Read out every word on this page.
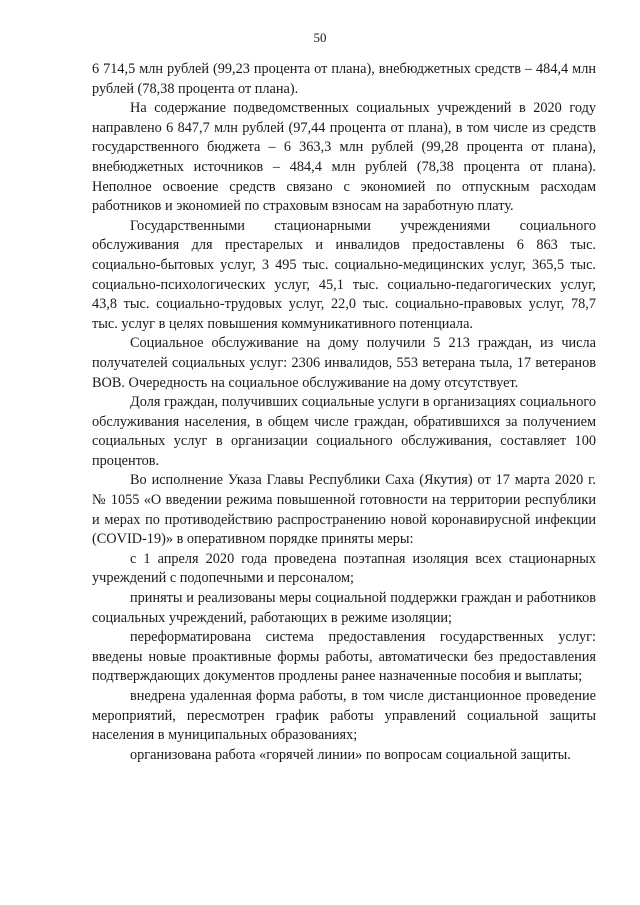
50

6 714,5 млн рублей (99,23 процента от плана), внебюджетных средств – 484,4 млн рублей (78,38 процента от плана).

На содержание подведомственных социальных учреждений в 2020 году направлено 6 847,7 млн рублей (97,44 процента от плана), в том числе из средств государственного бюджета – 6 363,3 млн рублей (99,28 процента от плана), внебюджетных источников – 484,4 млн рублей (78,38 процента от плана). Неполное освоение средств связано с экономией по отпускным расходам работников и экономией по страховым взносам на заработную плату.

Государственными стационарными учреждениями социального обслуживания для престарелых и инвалидов предоставлены 6 863 тыс. социально-бытовых услуг, 3 495 тыс. социально-медицинских услуг, 365,5 тыс. социально-психологических услуг, 45,1 тыс. социально-педагогических услуг, 43,8 тыс. социально-трудовых услуг, 22,0 тыс. социально-правовых услуг, 78,7 тыс. услуг в целях повышения коммуникативного потенциала.

Социальное обслуживание на дому получили 5 213 граждан, из числа получателей социальных услуг: 2306 инвалидов, 553 ветерана тыла, 17 ветеранов ВОВ. Очередность на социальное обслуживание на дому отсутствует.

Доля граждан, получивших социальные услуги в организациях социального обслуживания населения, в общем числе граждан, обратившихся за получением социальных услуг в организации социального обслуживания, составляет 100 процентов.

Во исполнение Указа Главы Республики Саха (Якутия) от 17 марта 2020 г. № 1055 «О введении режима повышенной готовности на территории республики и мерах по противодействию распространению новой коронавирусной инфекции (COVID-19)» в оперативном порядке приняты меры:

с 1 апреля 2020 года проведена поэтапная изоляция всех стационарных учреждений с подопечными и персоналом;

приняты и реализованы меры социальной поддержки граждан и работников социальных учреждений, работающих в режиме изоляции;

переформатирована система предоставления государственных услуг: введены новые проактивные формы работы, автоматически без предоставления подтверждающих документов продлены ранее назначенные пособия и выплаты;

внедрена удаленная форма работы, в том числе дистанционное проведение мероприятий, пересмотрен график работы управлений социальной защиты населения в муниципальных образованиях;

организована работа «горячей линии» по вопросам социальной защиты.
